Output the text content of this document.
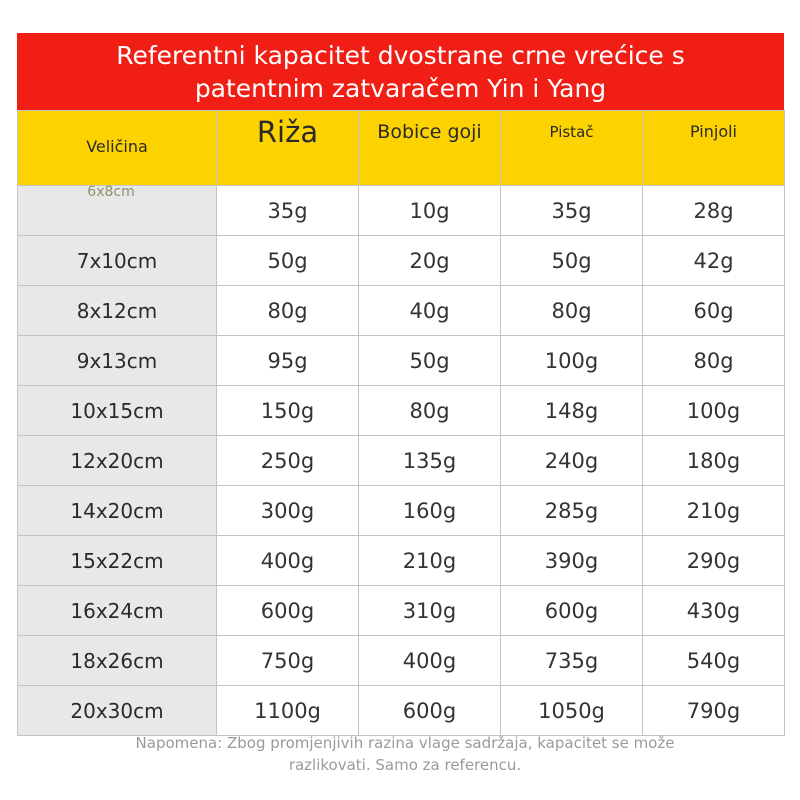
Referentni kapacitet dvostrane crne vrećice s
patentnim zatvaračem Yin i Yang
Veličina	Riža	Bobice goji	Pistač	Pinjoli

6x8cm	35g	10g	35g	28g
7x10cm	50g	20g	50g	42g
8x12cm	80g	40g	80g	60g
9x13cm	95g	50g	100g	80g
10x15cm	150g	80g	148g	100g
12x20cm	250g	135g	240g	180g
14x20cm	300g	160g	285g	210g
15x22cm	400g	210g	390g	290g
16x24cm	600g	310g	600g	430g
18x26cm	750g	400g	735g	540g
20x30cm	1100g	600g	1050g	790g
Napomena: Zbog promjenjivih razina vlage sadržaja, kapacitet se može
razlikovati. Samo za referencu.
